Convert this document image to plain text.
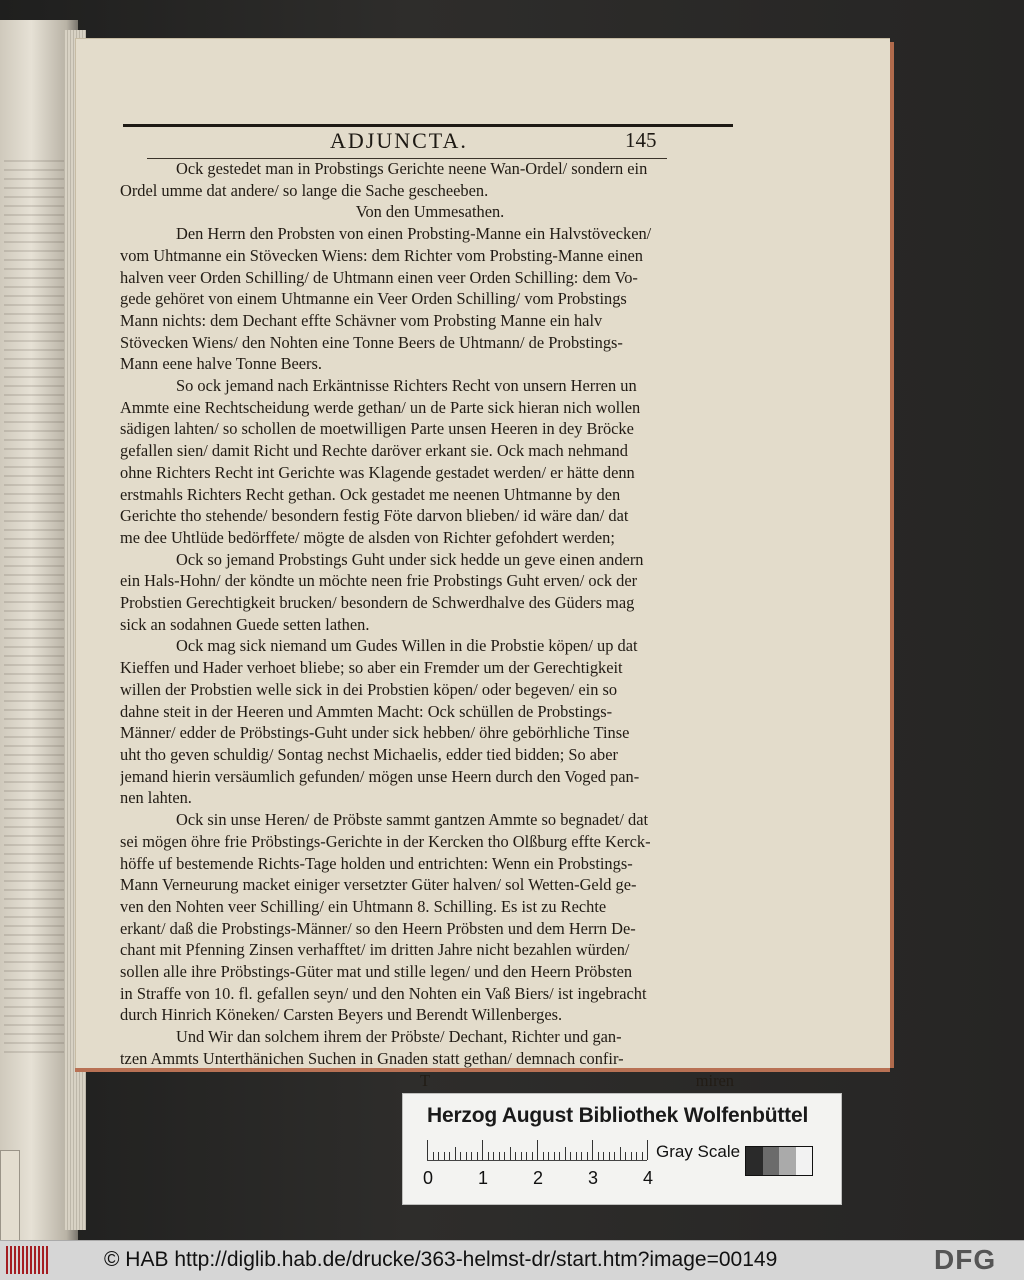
ADJUNCTA.	145
Ock gestedet man in Probstings Gerichte neene Wan-Ordel/ sondern ein
Ordel umme dat andere/ so lange die Sache gescheeben.
Von den Ummesathen.
Den Herrn den Probsten von einen Probsting-Manne ein Halvstövecken/
vom Uhtmanne ein Stövecken Wiens: dem Richter vom Probsting-Manne einen
halven veer Orden Schilling/ de Uhtmann einen veer Orden Schilling: dem Vo-
gede gehöret von einem Uhtmanne ein Veer Orden Schilling/ vom Probstings
Mann nichts: dem Dechant effte Schävner vom Probsting Manne ein halv
Stövecken Wiens/ den Nohten eine Tonne Beers de Uhtmann/ de Probstings-
Mann eene halve Tonne Beers.
So ock jemand nach Erkäntnisse Richters Recht von unsern Herren un
Ammte eine Rechtscheidung werde gethan/ un de Parte sick hieran nich wollen
sädigen lahten/ so schollen de moetwilligen Parte unsen Heeren in dey Bröcke
gefallen sien/ damit Richt und Rechte daröver erkant sie. Ock mach nehmand
ohne Richters Recht int Gerichte was Klagende gestadet werden/ er hätte denn
erstmahls Richters Recht gethan. Ock gestadet me neenen Uhtmanne by den
Gerichte tho stehende/ besondern festig Föte darvon blieben/ id wäre dan/ dat
me dee Uhtlüde bedörffete/ mögte de alsden von Richter gefohdert werden;
Ock so jemand Probstings Guht under sick hedde un geve einen andern
ein Hals-Hohn/ der köndte un möchte neen frie Probstings Guht erven/ ock der
Probstien Gerechtigkeit brucken/ besondern de Schwerdhalve des Güders mag
sick an sodahnen Guede setten lathen.
Ock mag sick niemand um Gudes Willen in die Probstie köpen/ up dat
Kieffen und Hader verhoet bliebe; so aber ein Fremder um der Gerechtigkeit
willen der Probstien welle sick in dei Probstien köpen/ oder begeven/ ein so
dahne steit in der Heeren und Ammten Macht: Ock schüllen de Probstings-
Männer/ edder de Pröbstings-Guht under sick hebben/ öhre gebörhliche Tinse
uht tho geven schuldig/ Sontag nechst Michaelis, edder tied bidden; So aber
jemand hierin versäumlich gefunden/ mögen unse Heern durch den Voged pan-
nen lahten.
Ock sin unse Heren/ de Pröbste sammt gantzen Ammte so begnadet/ dat
sei mögen öhre frie Pröbstings-Gerichte in der Kercken tho Olßburg effte Kerck-
höffe uf bestemende Richts-Tage holden und entrichten: Wenn ein Probstings-
Mann Verneurung macket einiger versetzter Güter halven/ sol Wetten-Geld ge-
ven den Nohten veer Schilling/ ein Uhtmann 8. Schilling. Es ist zu Rechte
erkant/ daß die Probstings-Männer/ so den Heern Pröbsten und dem Herrn De-
chant mit Pfenning Zinsen verhafftet/ im dritten Jahre nicht bezahlen würden/
sollen alle ihre Pröbstings-Güter mat und stille legen/ und den Heern Pröbsten
in Straffe von 10. fl. gefallen seyn/ und den Nohten ein Vaß Biers/ ist ingebracht
durch Hinrich Köneken/ Carsten Beyers und Berendt Willenberges.
Und Wir dan solchem ihrem der Pröbste/ Dechant, Richter und gan-
tzen Ammts Unterthänichen Suchen in Gnaden statt gethan/ demnach confir-
T	miren
Herzog August Bibliothek Wolfenbüttel
0 1 2 3 4
Gray Scale
© HAB http://diglib.hab.de/drucke/363-helmst-dr/start.htm?image=00149	DFG
